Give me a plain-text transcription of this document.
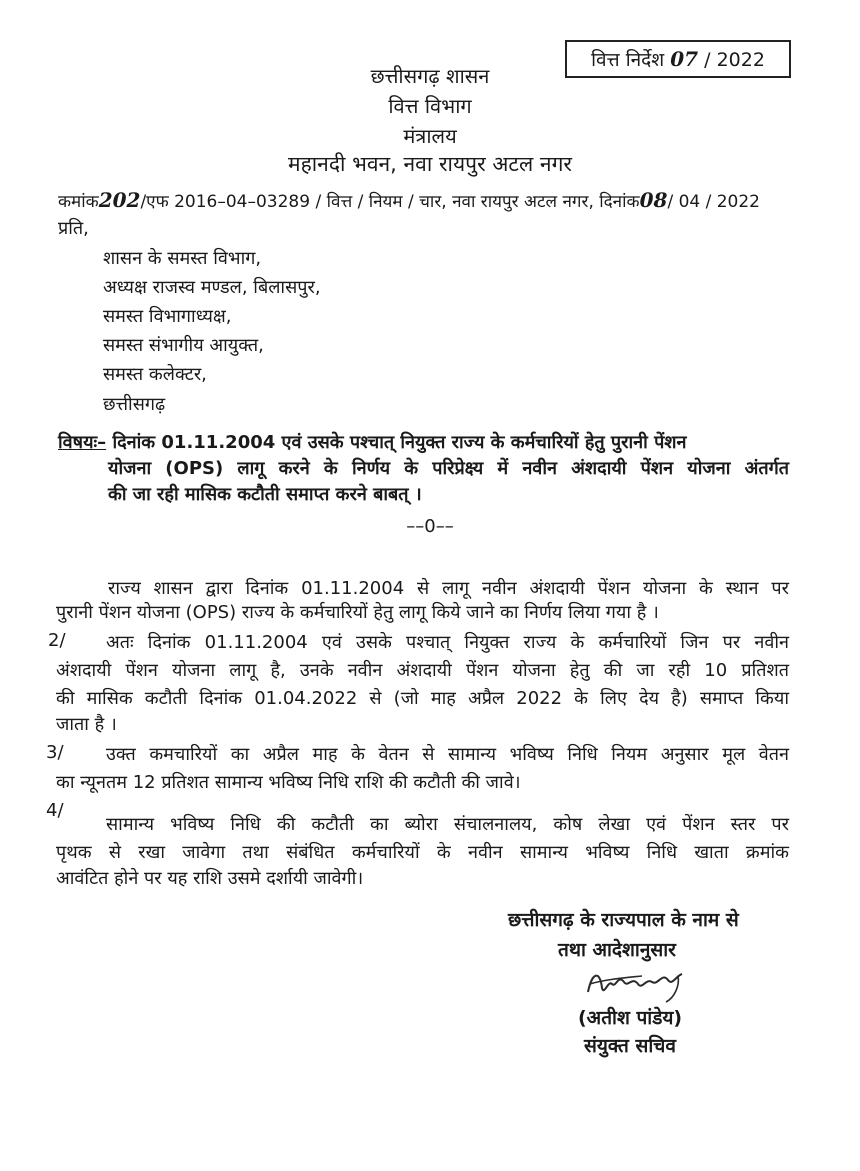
वित्त निर्देश 07 / 2022
छत्तीसगढ़ शासन
वित्त विभाग
मंत्रालय
महानदी भवन, नवा रायपुर अटल नगर
कमांक202/एफ 2016–04–03289 / वित्त / नियम / चार, नवा रायपुर अटल नगर, दिनांक08/ 04 / 2022
प्रति,
शासन के समस्त विभाग,
अध्यक्ष राजस्व मण्डल, बिलासपुर,
समस्त विभागाध्यक्ष,
समस्त संभागीय आयुक्त,
समस्त कलेक्टर,
छत्तीसगढ़
विषयः– दिनांक 01.11.2004 एवं उसके पश्चात् नियुक्त राज्य के कर्मचारियों हेतु पुरानी पेंशन
योजना (OPS) लागू करने के निर्णय के परिप्रेक्ष्य में नवीन अंशदायी पेंशन योजना अंतर्गत
की जा रही मासिक कटौती समाप्त करने बाबत् ।
––0––
राज्य शासन द्वारा दिनांक 01.11.2004 से लागू नवीन अंशदायी पेंशन योजना के स्थान पर
पुरानी पेंशन योजना (OPS) राज्य के कर्मचारियों हेतु लागू किये जाने का निर्णय लिया गया है ।
2/ अतः दिनांक 01.11.2004 एवं उसके पश्चात् नियुक्त राज्य के कर्मचारियों जिन पर नवीन
अंशदायी पेंशन योजना लागू है, उनके नवीन अंशदायी पेंशन योजना हेतु की जा रही 10 प्रतिशत
की मासिक कटौती दिनांक 01.04.2022 से (जो माह अप्रैल 2022 के लिए देय है) समाप्त किया
जाता है ।
3/ उक्त कमचारियों का अप्रैल माह के वेतन से सामान्य भविष्य निधि नियम अनुसार मूल वेतन
का न्यूनतम 12 प्रतिशत सामान्य भविष्य निधि राशि की कटौती की जावे।
4/
सामान्य भविष्य निधि की कटौती का ब्योरा संचालनालय, कोष लेखा एवं पेंशन स्तर पर
पृथक से रखा जावेगा तथा संबंधित कर्मचारियों के नवीन सामान्य भविष्य निधि खाता क्रमांक
आवंटित होने पर यह राशि उसमे दर्शायी जावेगी।
छत्तीसगढ़ के राज्यपाल के नाम से
तथा आदेशानुसार
(अतीश पांडेय)
संयुक्त सचिव
